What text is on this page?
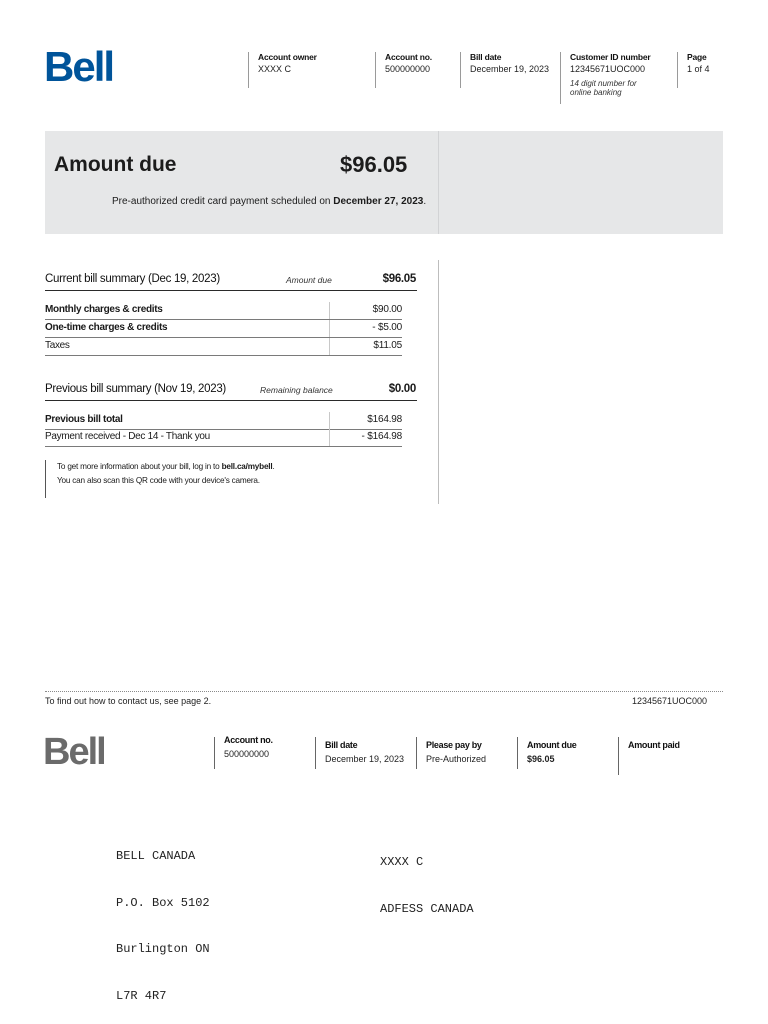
Bell	Account owner
XXXX C
Account no.
500000000
Bill date
December 19, 2023
Customer ID number
12345671UOC000
14 digit number for
online banking
Page
1 of 4
Amount due	$96.05
Pre-authorized credit card payment scheduled on December 27, 2023.
Current bill summary (Dec 19, 2023)	Amount due	$96.05
Monthly charges & credits	$90.00
One-time charges & credits	- $5.00
Taxes	$11.05
Previous bill summary (Nov 19, 2023)	Remaining balance	$0.00
Previous bill total	$164.98
Payment received - Dec 14 - Thank you	- $164.98
To get more information about your bill, log in to bell.ca/mybell.
You can also scan this QR code with your device's camera.
To find out how to contact us, see page 2.	12345671UOC000
Bell	Account no.
500000000
Bill date
December 19, 2023
Please pay by
Pre-Authorized
Amount due
$96.05
Amount paid

BELL CANADA

P.O. Box 5102

Burlington ON

L7R 4R7

XXXX C

ADFESS CANADA
